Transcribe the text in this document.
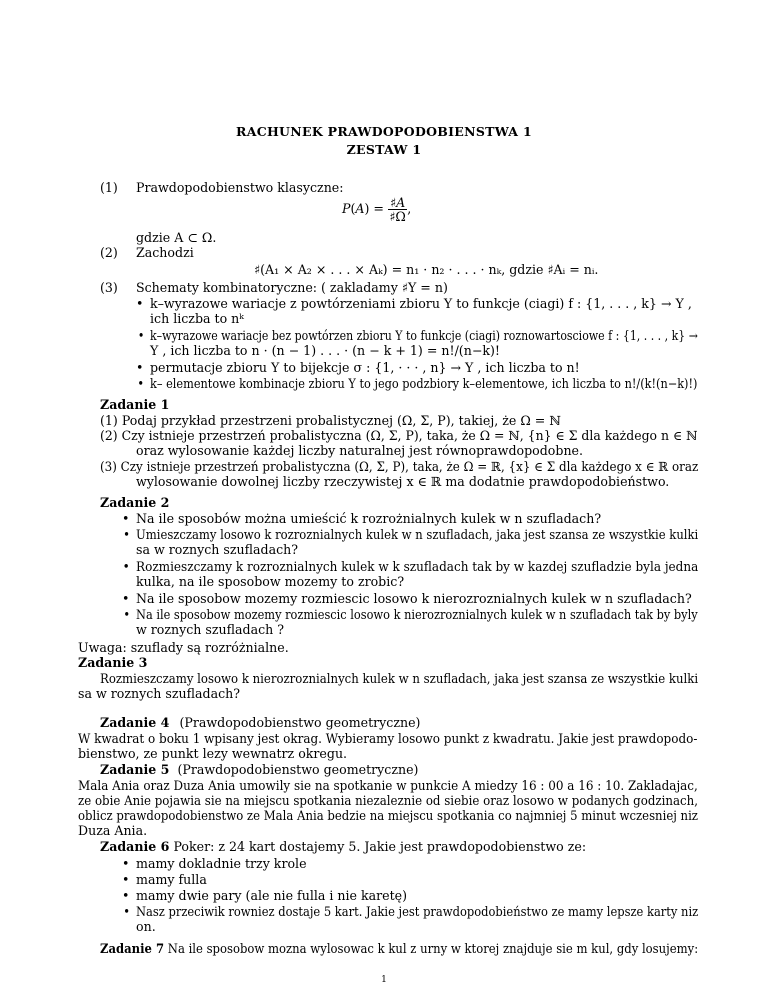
RACHUNEK PRAWDOPODOBIENSTWA 1
ZESTAW 1
(1) Prawdopodobienstwo klasyczne:
$P(A) = \frac{♯A}{♯\Omega}$ ,
gdzie A ⊂ Ω.
(2) Zachodzi
♯(A₁ × A₂ × . . . × Aₖ) = n₁ · n₂ · . . . · nₖ, gdzie ♯Aᵢ = nᵢ.
(3) Schematy kombinatoryczne: ( zakladamy ♯Y = n)
• k–wyrazowe wariacje z powtórzeniami zbioru Y to funkcje (ciagi) f : {1, . . . , k} → Y ,
ich liczba to nᵏ
• k–wyrazowe wariacje bez powtórzen zbioru Y to funkcje (ciagi) roznowartosciowe f : {1, . . . , k} →
Y , ich liczba to n · (n − 1) . . . · (n − k + 1) = n!/(n−k)!
• permutacje zbioru Y to bijekcje σ : {1, · · · , n} → Y , ich liczba to n!
• k– elementowe kombinacje zbioru Y to jego podzbiory k–elementowe, ich liczba to n!/(k!(n−k)!)
Zadanie 1
(1) Podaj przykład przestrzeni probalistycznej (Ω, Σ, P), takiej, że Ω = ℕ
(2) Czy istnieje przestrzeń probalistyczna (Ω, Σ, P), taka, że Ω = ℕ, {n} ∈ Σ dla każdego n ∈ ℕ
oraz wylosowanie każdej liczby naturalnej jest równoprawdopodobne.
(3) Czy istnieje przestrzeń probalistyczna (Ω, Σ, P), taka, że Ω = ℝ, {x} ∈ Σ dla każdego x ∈ ℝ oraz
wylosowanie dowolnej liczby rzeczywistej x ∈ ℝ ma dodatnie prawdopodobieństwo.
Zadanie 2
• Na ile sposobów można umieścić k rozrożnialnych kulek w n szufladach?
• Umieszczamy losowo k rozroznialnych kulek w n szufladach, jaka jest szansa ze wszystkie kulki
sa w roznych szufladach?
• Rozmieszczamy k rozroznialnych kulek w k szufladach tak by w kazdej szufladzie byla jedna
kulka, na ile sposobow mozemy to zrobic?
• Na ile sposobow mozemy rozmiescic losowo k nierozroznialnych kulek w n szufladach?
• Na ile sposobow mozemy rozmiescic losowo k nierozroznialnych kulek w n szufladach tak by byly
w roznych szufladach ?
Uwaga: szuflady są rozróżnialne.
Zadanie 3
Rozmieszczamy losowo k nierozroznialnych kulek w n szufladach, jaka jest szansa ze wszystkie kulki
sa w roznych szufladach?
Zadanie 4 (Prawdopodobienstwo geometryczne)
W kwadrat o boku 1 wpisany jest okrag. Wybieramy losowo punkt z kwadratu. Jakie jest prawdopodo-
bienstwo, ze punkt lezy wewnatrz okregu.
Zadanie 5 (Prawdopodobienstwo geometryczne)
Mala Ania oraz Duza Ania umowily sie na spotkanie w punkcie A miedzy 16 : 00 a 16 : 10. Zakladajac,
ze obie Anie pojawia sie na miejscu spotkania niezaleznie od siebie oraz losowo w podanych godzinach,
oblicz prawdopodobienstwo ze Mala Ania bedzie na miejscu spotkania co najmniej 5 minut wczesniej niz
Duza Ania.
Zadanie 6 Poker: z 24 kart dostajemy 5. Jakie jest prawdopodobienstwo ze:
• mamy dokladnie trzy krole
• mamy fulla
• mamy dwie pary (ale nie fulla i nie karetę)
• Nasz przeciwik rowniez dostaje 5 kart. Jakie jest prawdopodobieństwo ze mamy lepsze karty niz
on.
Zadanie 7 Na ile sposobow mozna wylosowac k kul z urny w ktorej znajduje sie m kul, gdy losujemy:
1
